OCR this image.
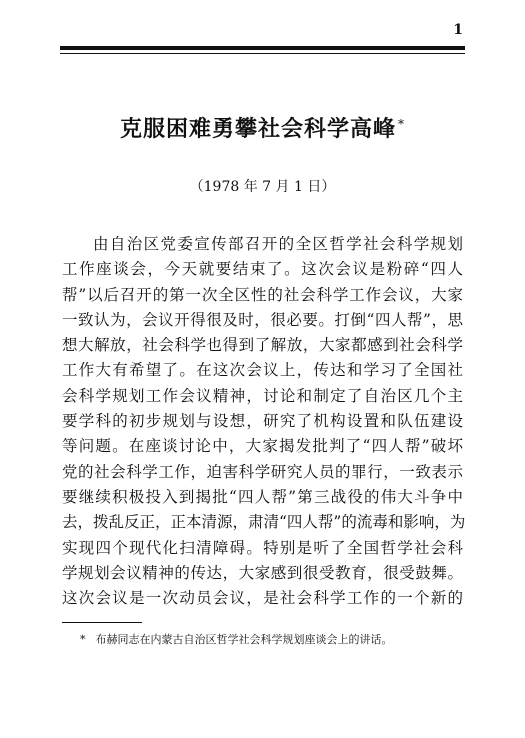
1
克服困难勇攀社会科学高峰 *
（1978 年 7 月 1 日）
由自治区党委宣传部召开的全区哲学社会科学规划
工作座谈会，今天就要结束了。这次会议是粉碎“四人
帮”以后召开的第一次全区性的社会科学工作会议，大家
一致认为，会议开得很及时，很必要。打倒“四人帮”，思
想大解放，社会科学也得到了解放，大家都感到社会科学
工作大有希望了。在这次会议上，传达和学习了全国社
会科学规划工作会议精神，讨论和制定了自治区几个主
要学科的初步规划与设想，研究了机构设置和队伍建设
等问题。在座谈讨论中，大家揭发批判了“四人帮”破坏
党的社会科学工作，迫害科学研究人员的罪行，一致表示
要继续积极投入到揭批“四人帮”第三战役的伟大斗争中
去，拨乱反正，正本清源，肃清“四人帮”的流毒和影响，为
实现四个现代化扫清障碍。特别是听了全国哲学社会科
学规划会议精神的传达，大家感到很受教育，很受鼓舞。
这次会议是一次动员会议，是社会科学工作的一个新的
* 布赫同志在内蒙古自治区哲学社会科学规划座谈会上的讲话。
